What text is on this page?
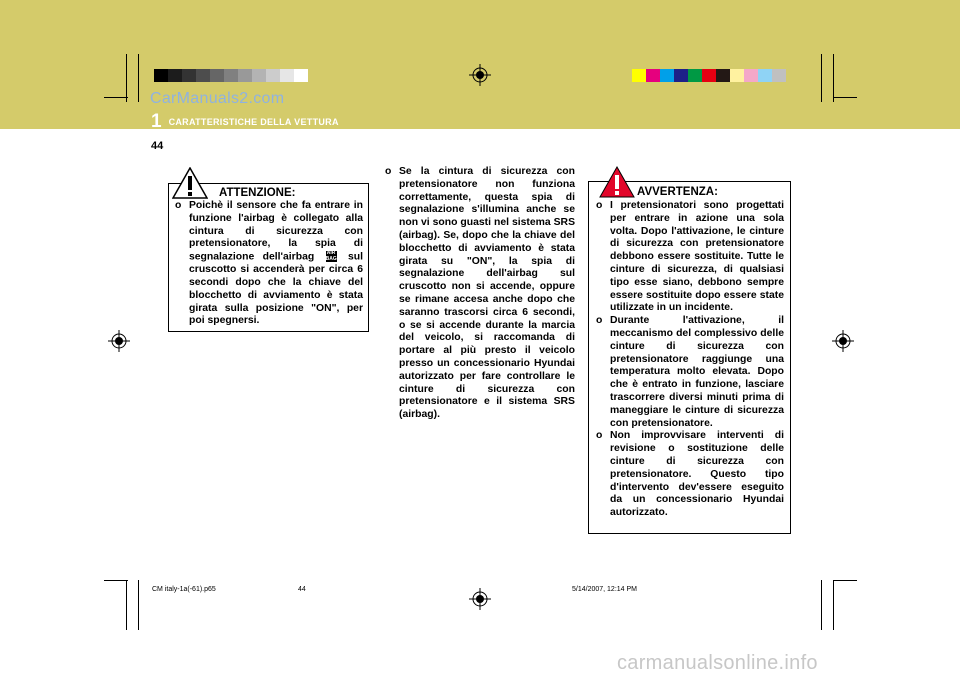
CarManuals2.com
1 CARATTERISTICHE DELLA VETTURA
44
ATTENZIONE:
o Poichè il sensore che fa entrare in funzione l'airbag è collegato alla cintura di sicurezza con pretensionatore, la spia di segnalazione dell'airbag	AIR BAG sul cruscotto si accenderà per circa 6 secondi dopo che la chiave del blocchetto di avviamento è stata girata sulla posizione "ON", per poi spegnersi.
o Se la cintura di sicurezza con pretensionatore non funziona correttamente, questa spia di segnalazione s'illumina anche se non vi sono guasti nel sistema SRS (airbag). Se, dopo che la chiave del blocchetto di avviamento è stata girata su "ON", la spia di segnalazione dell'airbag sul cruscotto non si accende, oppure se rimane accesa anche dopo che saranno trascorsi circa 6 secondi, o se si accende durante la marcia del veicolo, si raccomanda di portare al più presto il veicolo presso un concessionario Hyundai autorizzato per fare controllare le cinture di sicurezza con pretensionatore e il sistema SRS (airbag).
AVVERTENZA:
o I pretensionatori sono progettati per entrare in azione una sola volta. Dopo l'attivazione, le cinture di sicurezza con pretensionatore debbono essere sostituite. Tutte le cinture di sicurezza, di qualsiasi tipo esse siano, debbono sempre essere sostituite dopo essere state utilizzate in un incidente.
o Durante l'attivazione, il meccanismo del complessivo delle cinture di sicurezza con pretensionatore raggiunge una temperatura molto elevata. Dopo che è entrato in funzione, lasciare trascorrere diversi minuti prima di maneggiare le cinture di sicurezza con pretensionatore.
o Non improvvisare interventi di revisione o sostituzione delle cinture di sicurezza con pretensionatore. Questo tipo d'intervento dev'essere eseguito da un concessionario Hyundai autorizzato.
CM italy-1a(-61).p65	44	5/14/2007, 12:14 PM
carmanualsonline.info
